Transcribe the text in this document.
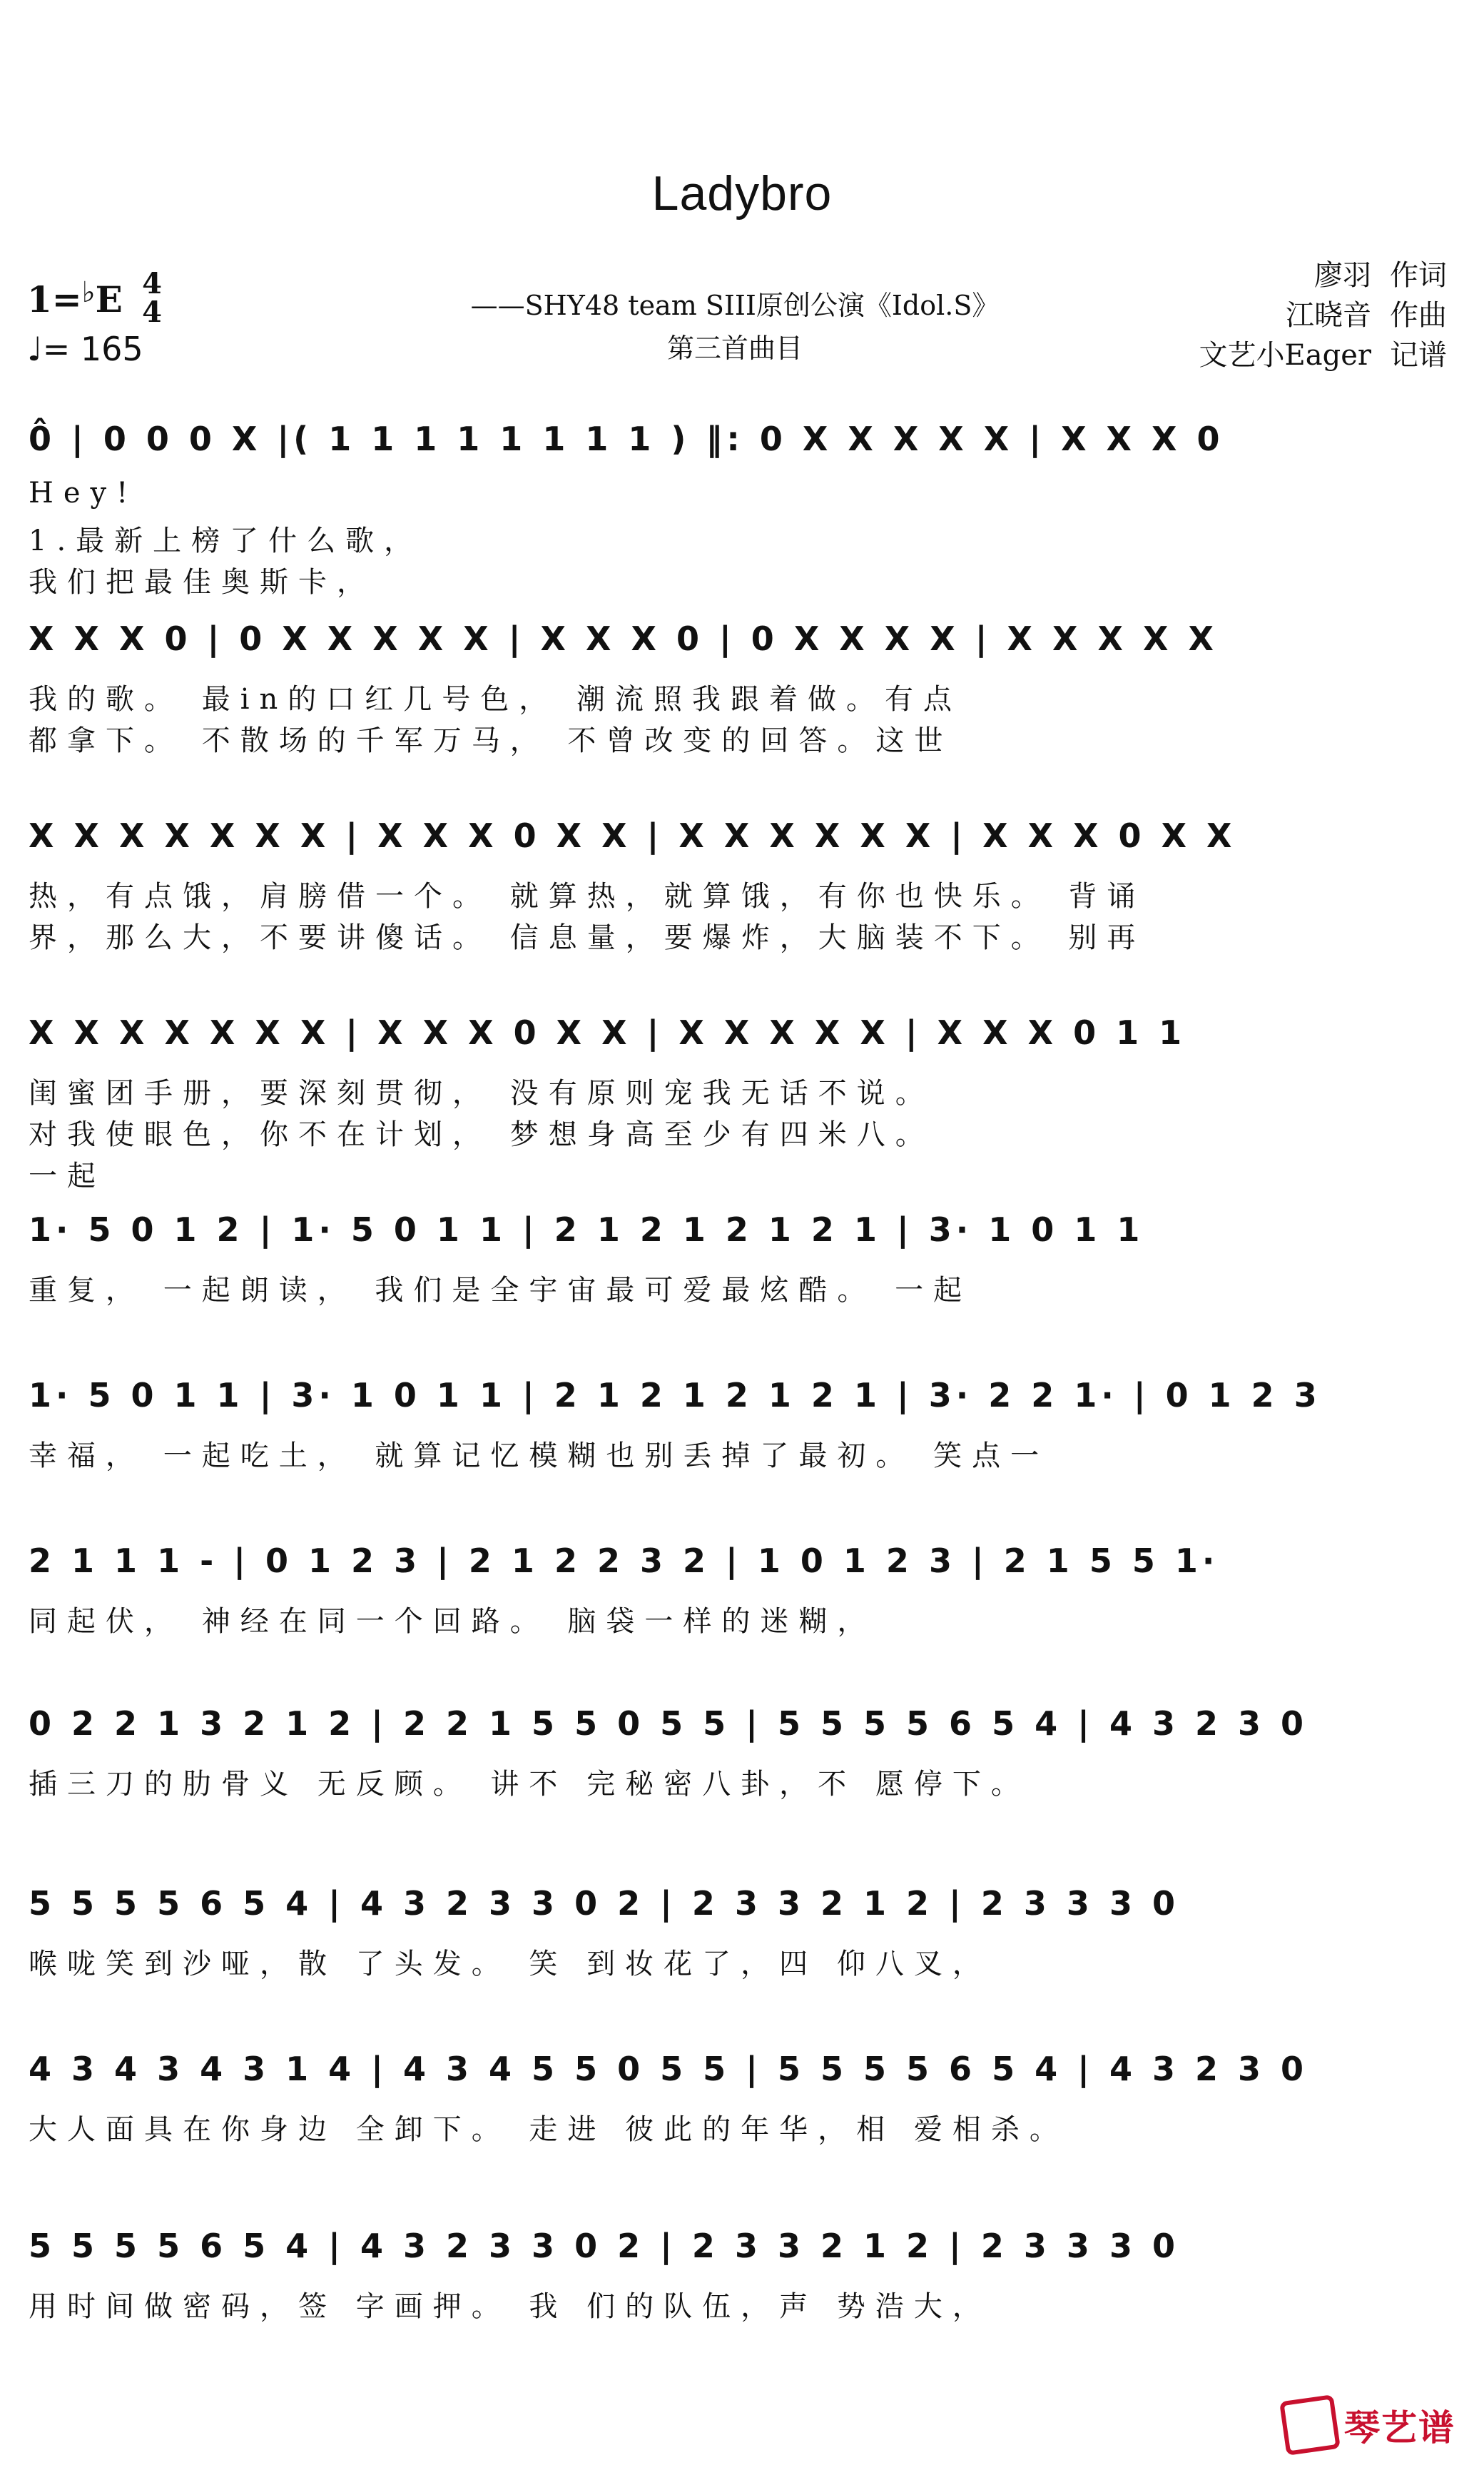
Ladybro
1=♭E 4
4
♩= 165
——SHY48 team SIII原创公演《Idol.S》
第三首曲目
廖羽 作词
江晓音 作曲
文艺小Eager 记谱
0̂ | 0 0 0 X |( 1 1 1 1 1 1 1 1 ) ‖: 0 X X X X X | X X X 0
Hey!
1.最新上榜了什么歌，
我们把最佳奥斯卡，
X X X 0 | 0 X X X X X | X X X 0 | 0 X X X X | X X X X X
我的歌。 最in的口红几号色， 潮流照我跟着做。有点
都拿下。 不散场的千军万马， 不曾改变的回答。这世
X X X X X X X | X X X 0 X X | X X X X X X | X X X 0 X X
热，有点饿，肩膀借一个。 就算热，就算饿，有你也快乐。 背诵
界，那么大，不要讲傻话。 信息量，要爆炸，大脑装不下。 别再
X X X X X X X | X X X 0 X X | X X X X X | X X X 0 1 1
闺蜜团手册，要深刻贯彻， 没有原则宠我无话不说。
对我使眼色，你不在计划， 梦想身高至少有四米八。
一起
1· 5 0 1 2 | 1· 5 0 1 1 | 2 1 2 1 2 1 2 1 | 3· 1 0 1 1
重复， 一起朗读， 我们是全宇宙最可爱最炫酷。 一起
1· 5 0 1 1 | 3· 1 0 1 1 | 2 1 2 1 2 1 2 1 | 3· 2 2 1· | 0 1 2 3
幸福， 一起吃土， 就算记忆模糊也别丢掉了最初。 笑点一
2 1 1 1 - | 0 1 2 3 | 2 1 2 2 3 2 | 1 0 1 2 3 | 2 1 5 5 1·
同起伏， 神经在同一个回路。 脑袋一样的迷糊，
0 2 2 1 3 2 1 2 | 2 2 1 5 5 0 5 5 | 5 5 5 5 6 5 4 | 4 3 2 3 0
插三刀的肋骨义 无反顾。 讲不 完秘密八卦，不 愿停下。
5 5 5 5 6 5 4 | 4 3 2 3 3 0 2 | 2 3 3 2 1 2 | 2 3 3 3 0
喉咙笑到沙哑，散 了头发。 笑 到妆花了，四 仰八叉，
4 3 4 3 4 3 1 4 | 4 3 4 5 5 0 5 5 | 5 5 5 5 6 5 4 | 4 3 2 3 0
大人面具在你身边 全卸下。 走进 彼此的年华，相 爱相杀。
5 5 5 5 6 5 4 | 4 3 2 3 3 0 2 | 2 3 3 2 1 2 | 2 3 3 3 0
用时间做密码，签 字画押。 我 们的队伍，声 势浩大，
琴艺谱
